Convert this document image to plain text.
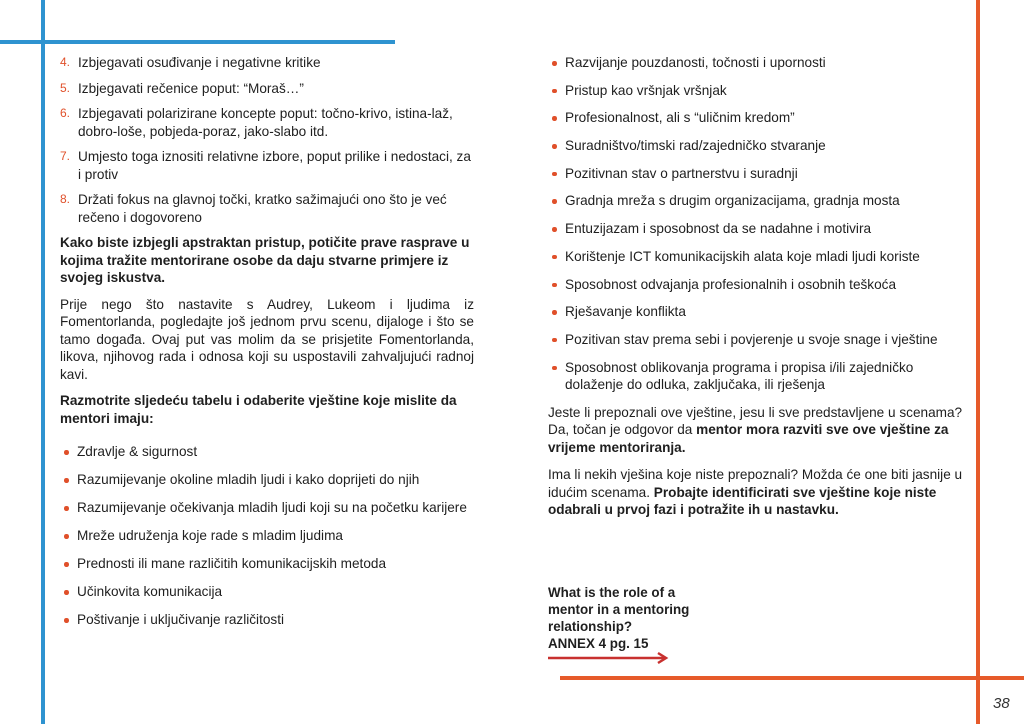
4. Izbjegavati osuđivanje i negativne kritike
5. Izbjegavati rečenice poput: “Moraš…”
6. Izbjegavati polarizirane koncepte poput: točno-krivo, istina-laž, dobro-loše, pobjeda-poraz, jako-slabo itd.
7. Umjesto toga iznositi relativne izbore, poput prilike i nedostaci, za i protiv
8. Držati fokus na glavnoj točki, kratko sažimajući ono što je već rečeno i dogovoreno

Kako biste izbjegli apstraktan pristup, potičite prave rasprave u kojima tražite mentorirane osobe da daju stvarne primjere iz svojeg iskustva.

Prije nego što nastavite s Audrey, Lukeom i ljudima iz Fomentorlanda, pogledajte još jednom prvu scenu, dijaloge i što se tamo događa. Ovaj put vas molim da se prisjetite Fomentorlanda, likova, njihovog rada i odnosa koji su uspostavili zahvaljujući radnoj kavi.

Razmotrite sljedeću tabelu i odaberite vještine koje mislite da mentori imaju:

Zdravlje & sigurnost
Razumijevanje okoline mladih ljudi i kako doprijeti do njih
Razumijevanje očekivanja mladih ljudi koji su na početku karijere
Mreže udruženja koje rade s mladim ljudima
Prednosti ili mane različitih komunikacijskih metoda
Učinkovita komunikacija
Poštivanje i uključivanje različitosti
Razvijanje pouzdanosti, točnosti i upornosti
Pristup kao vršnjak vršnjak
Profesionalnost, ali s “uličnim kredom”
Suradništvo/timski rad/zajedničko stvaranje
Pozitivnan stav o partnerstvu i suradnji
Gradnja mreža s drugim organizacijama, gradnja mosta
Entuzijazam i sposobnost da se nadahne i motivira
Korištenje ICT komunikacijskih alata koje mladi ljudi koriste
Sposobnost odvajanja profesionalnih i osobnih teškoća
Rješavanje konflikta
Pozitivan stav prema sebi i povjerenje u svoje snage i vještine
Sposobnost oblikovanja programa i propisa i/ili zajedničko dolaženje do odluka, zaključaka, ili rješenja

Jeste li prepoznali ove vještine, jesu li sve predstavljene u scenama? Da, točan je odgovor da mentor mora razviti sve ove vještine za vrijeme mentoriranja.

Ima li nekih vješina koje niste prepoznali? Možda će one biti jasnije u idućim scenama. Probajte identificirati sve vještine koje niste odabrali u prvoj fazi i potražite ih u nastavku.

What is the role of a
mentor in a mentoring
relationship?
ANNEX 4 pg. 15
38
